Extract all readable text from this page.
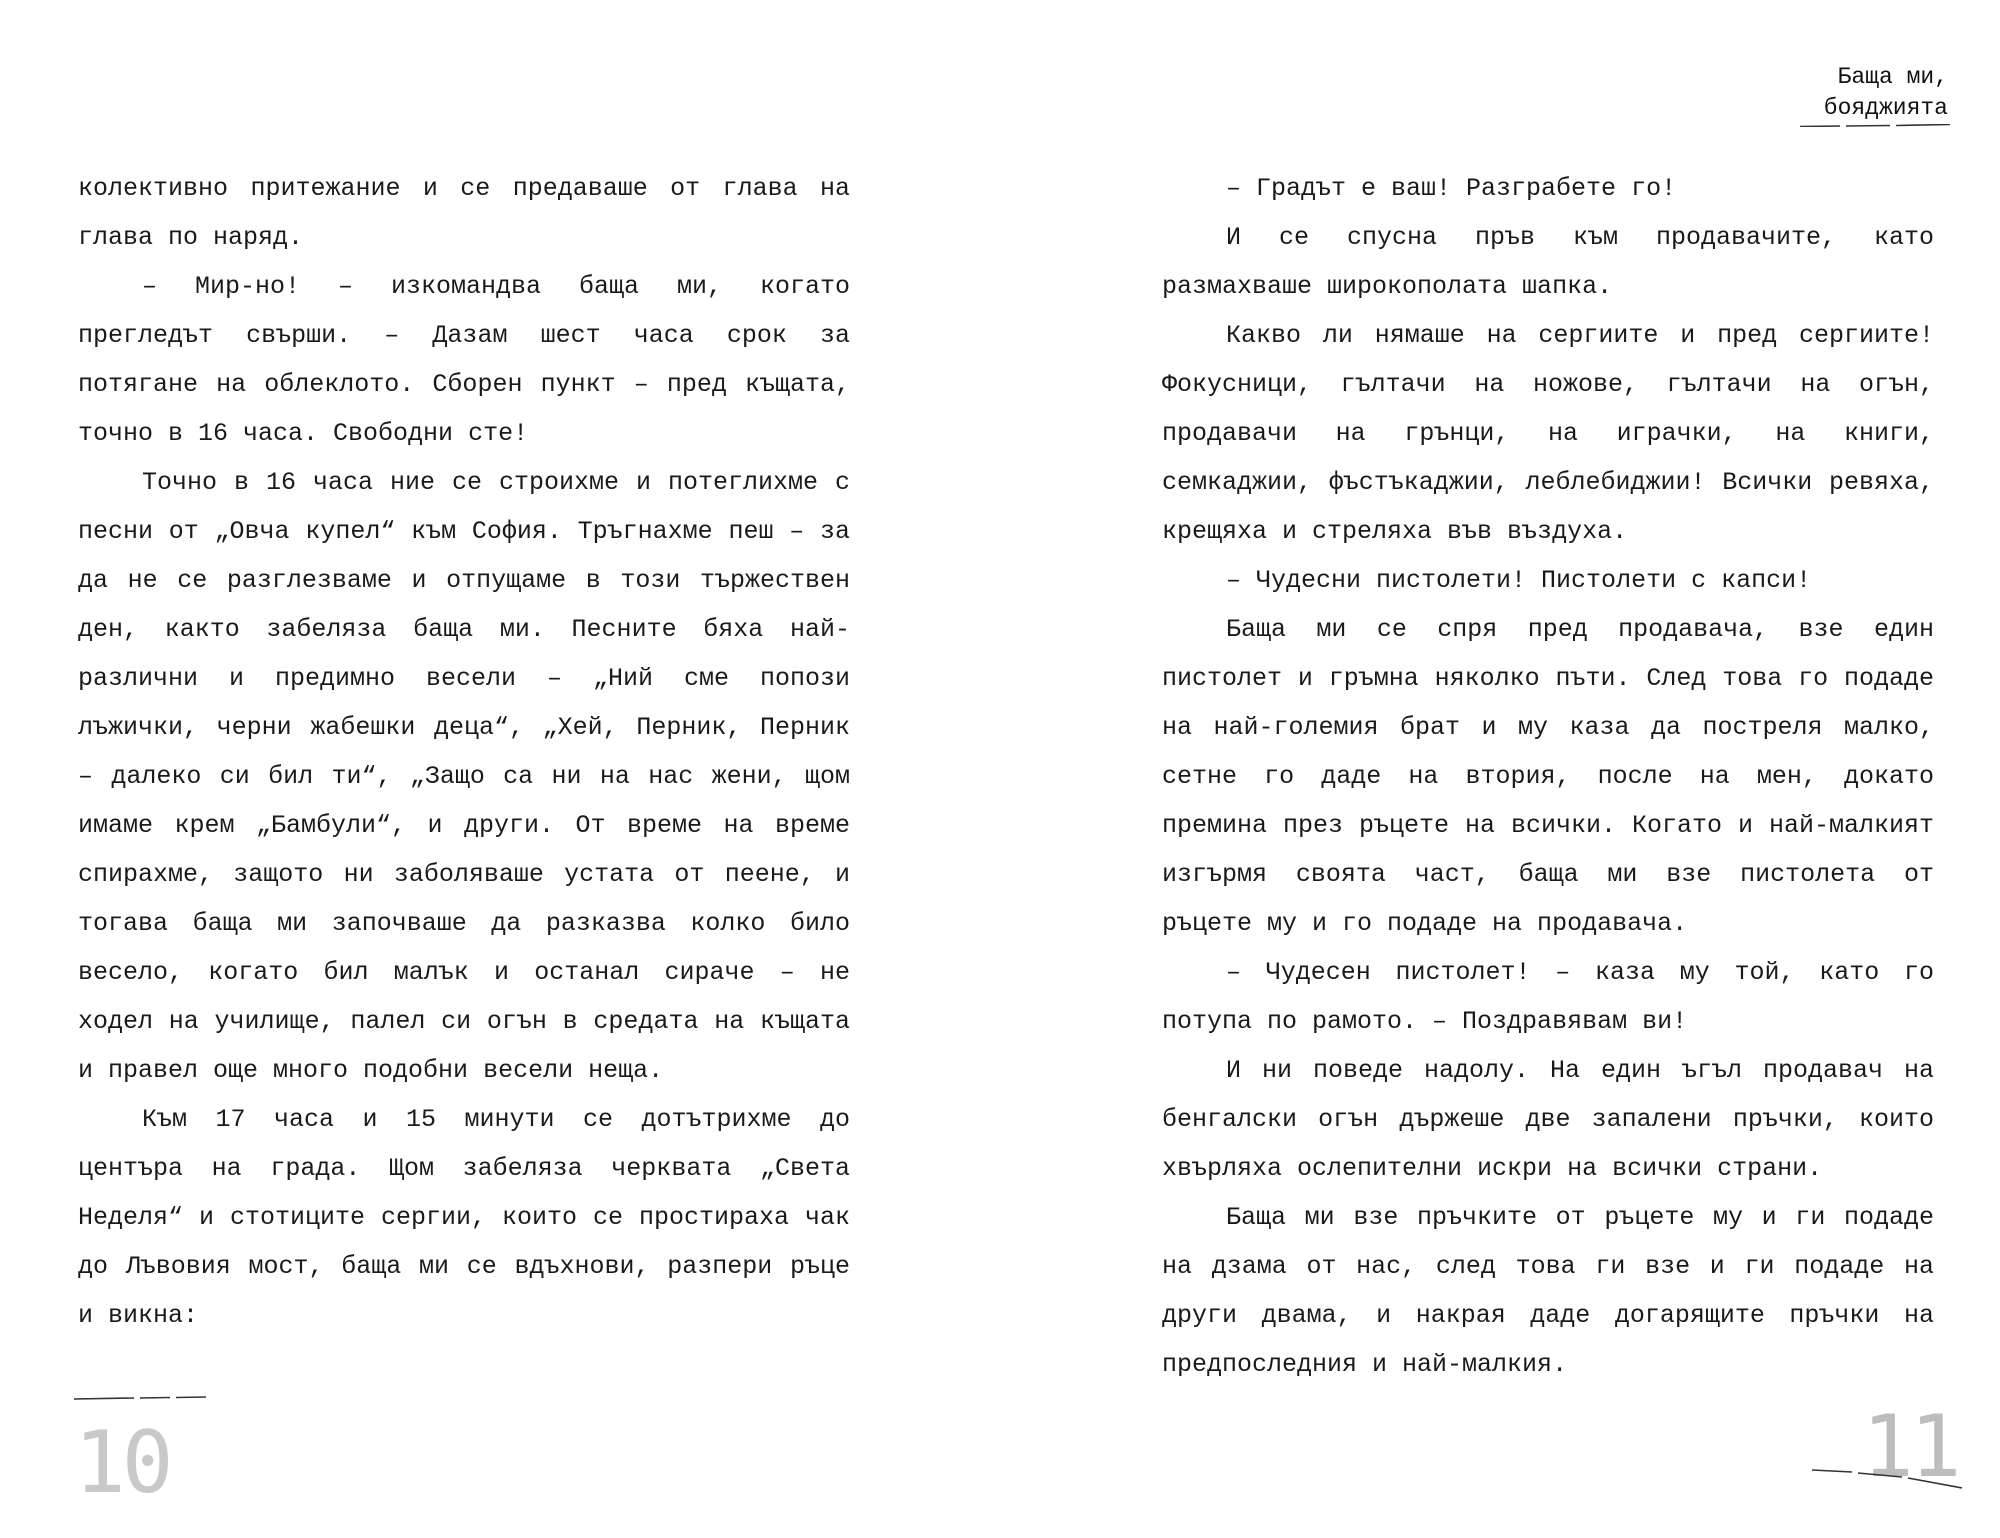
колективно притежание и се предаваше от глава на глава по наряд.

– Мир-но! – изкомандва баща ми, когато прегледът свърши. – Дазам шест часа срок за потягане на облеклото. Сборен пункт – пред къщата, точно в 16 часа. Свободни сте!

Точно в 16 часа ние се строихме и потеглихме с песни от „Овча купел“ към София. Тръгнахме пеш – за да не се разглезваме и отпущаме в този тържествен ден, както забеляза баща ми. Песните бяха най-различни и предимно весели – „Ний сме попози лъжички, черни жабешки деца“, „Хей, Перник, Перник – далеко си бил ти“, „Защо са ни на нас жени, щом имаме крем „Бамбули“, и други. От време на време спирахме, защото ни заболяваше устата от пеене, и тогава баща ми започваше да разказва колко било весело, когато бил малък и останал сираче – не ходел на училище, палел си огън в средата на къщата и правел още много подобни весели неща.

Към 17 часа и 15 минути се дотътрихме до центъра на града. Щом забеляза черквата „Света Неделя“ и стотиците сергии, които се простираха чак до Лъвовия мост, баща ми се вдъхнови, разпери ръце и викна:

10
Баща ми,
бояджията

– Градът е ваш! Разграбете го!

И се спусна пръв към продавачите, като размахваше широкополата шапка.

Какво ли нямаше на сергиите и пред сергиите! Фокусници, гълтачи на ножове, гълтачи на огън, продавачи на грънци, на играчки, на книги, семкаджии, фъстъкаджии, леблебиджии! Всички ревяха, крещяха и стреляха във въздуха.

– Чудесни пистолети! Пистолети с капси!

Баща ми се спря пред продавача, взе един пистолет и гръмна няколко пъти. След това го подаде на най-големия брат и му каза да постреля малко, сетне го даде на втория, после на мен, докато премина през ръцете на всички. Когато и най-малкият изгърмя своята част, баща ми взе пистолета от ръцете му и го подаде на продавача.

– Чудесен пистолет! – каза му той, като го потупа по рамото. – Поздравявам ви!

И ни поведе надолу. На един ъгъл продавач на бенгалски огън държеше две запалени пръчки, които хвърляха ослепителни искри на всички страни.

Баща ми взе пръчките от ръцете му и ги подаде на дзама от нас, след това ги взе и ги подаде на други двама, и накрая даде догарящите пръчки на предпоследния и най-малкия.

11
